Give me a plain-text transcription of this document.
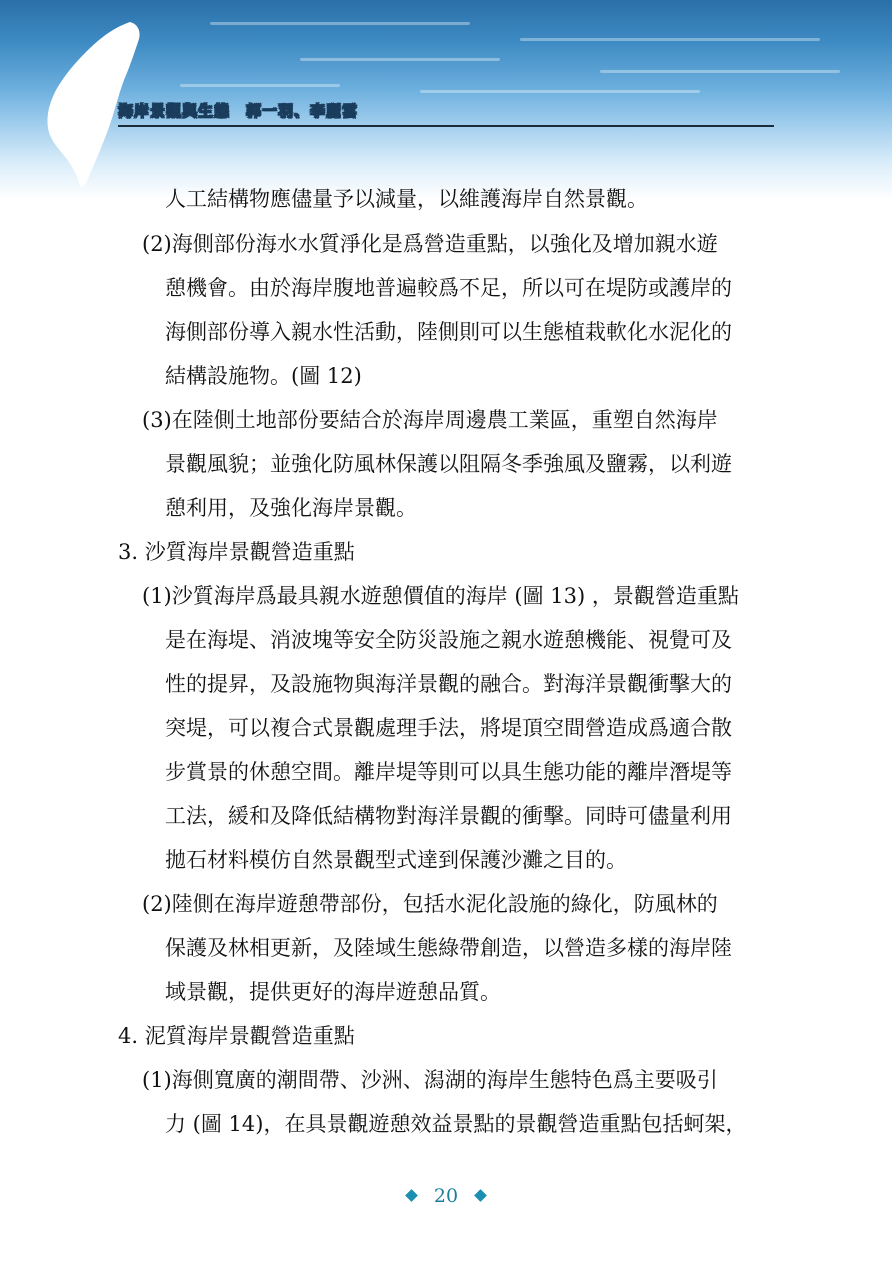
海岸景觀與生態　郭一羽、李麗雲
人工結構物應儘量予以減量，以維護海岸自然景觀。
(2)海側部份海水水質淨化是爲營造重點，以強化及增加親水遊
憩機會。由於海岸腹地普遍較爲不足，所以可在堤防或護岸的
海側部份導入親水性活動，陸側則可以生態植栽軟化水泥化的
結構設施物。(圖 12)
(3)在陸側土地部份要結合於海岸周邊農工業區，重塑自然海岸
景觀風貌；並強化防風林保護以阻隔冬季強風及鹽霧，以利遊
憩利用，及強化海岸景觀。
3. 沙質海岸景觀營造重點
(1)沙質海岸爲最具親水遊憩價值的海岸 (圖 13) ，景觀營造重點
是在海堤、消波塊等安全防災設施之親水遊憩機能、視覺可及
性的提昇，及設施物與海洋景觀的融合。對海洋景觀衝擊大的
突堤，可以複合式景觀處理手法，將堤頂空間營造成爲適合散
步賞景的休憩空間。離岸堤等則可以具生態功能的離岸潛堤等
工法，緩和及降低結構物對海洋景觀的衝擊。同時可儘量利用
拋石材料模仿自然景觀型式達到保護沙灘之目的。
(2)陸側在海岸遊憩帶部份，包括水泥化設施的綠化，防風林的
保護及林相更新，及陸域生態綠帶創造，以營造多樣的海岸陸
域景觀，提供更好的海岸遊憩品質。
4. 泥質海岸景觀營造重點
(1)海側寬廣的潮間帶、沙洲、潟湖的海岸生態特色爲主要吸引
力 (圖 14)，在具景觀遊憩效益景點的景觀營造重點包括蚵架，
20
